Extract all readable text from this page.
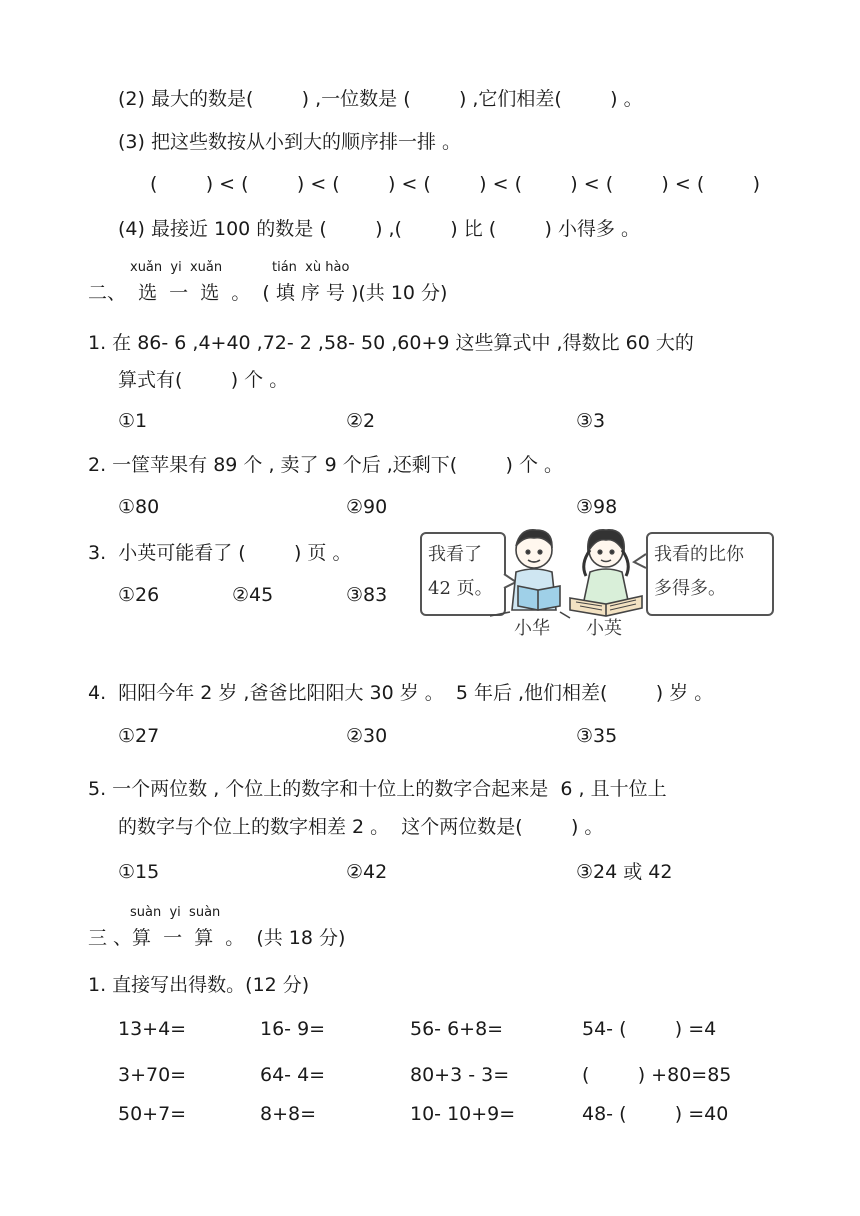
(2) 最大的数是(        ) ,一位数是 (        ) ,它们相差(        ) 。
(3) 把这些数按从小到大的顺序排一排 。
(        ) < (        ) < (        ) < (        ) < (        ) < (        ) < (        )
(4) 最接近 100 的数是 (        ) ,(        ) 比 (        ) 小得多 。
xuǎn  yi  xuǎn	tián  xù hào
二、  选  一  选  。  ( 填 序 号 )(共 10 分)
1. 在 86- 6 ,4+40 ,72- 2 ,58- 50 ,60+9 这些算式中 ,得数比 60 大的
算式有(        ) 个 。
①1	②2	③3
2. 一筐苹果有 89 个 , 卖了 9 个后 ,还剩下(        ) 个 。
①80	②90	③98
3.  小英可能看了 (        ) 页 。
①26	②45	③83
我看了
42 页。
我看的比你
多得多。
小华 小英
4.  阳阳今年 2 岁 ,爸爸比阳阳大 30 岁 。  5 年后 ,他们相差(        ) 岁 。
①27	②30	③35
5. 一个两位数 , 个位上的数字和十位上的数字合起来是  6 , 且十位上
的数字与个位上的数字相差 2 。  这个两位数是(        ) 。
①15	②42	③24 或 42
suàn  yi  suàn
三 、算  一  算  。  (共 18 分)
1. 直接写出得数。(12 分)
13+4=	16- 9=	56- 6+8=	54- (        ) =4
3+70=	64- 4=	80+3 - 3=	(        ) +80=85
50+7=	8+8=	10- 10+9=	48- (        ) =40
